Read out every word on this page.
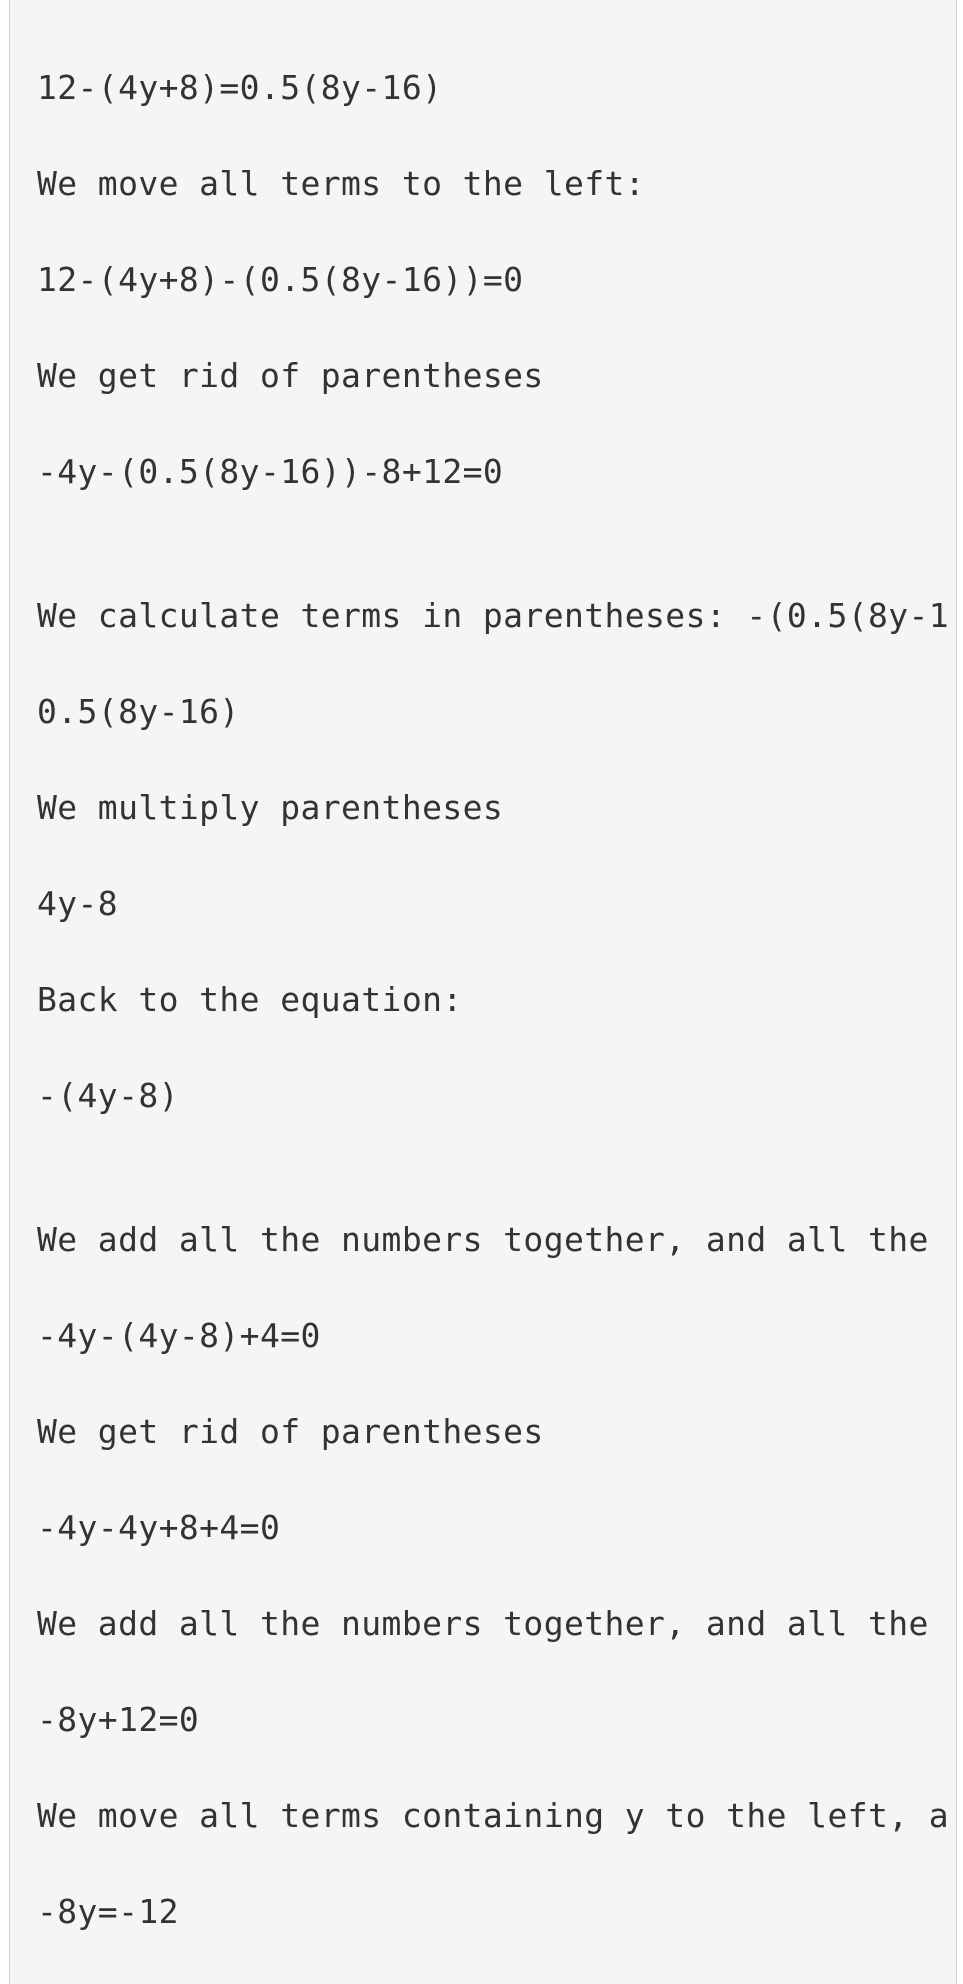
12-(4y+8)=0.5(8y-16)
We move all terms to the left:
12-(4y+8)-(0.5(8y-16))=0
We get rid of parentheses
-4y-(0.5(8y-16))-8+12=0
We calculate terms in parentheses: -(0.5(8y-1
0.5(8y-16)
We multiply parentheses
4y-8
Back to the equation:
-(4y-8)
We add all the numbers together, and all the
-4y-(4y-8)+4=0
We get rid of parentheses
-4y-4y+8+4=0
We add all the numbers together, and all the
-8y+12=0
We move all terms containing y to the left, a
-8y=-12
